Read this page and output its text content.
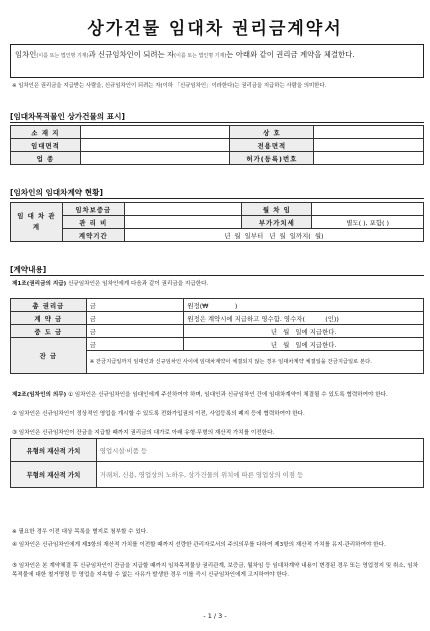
상가건물 임대차 권리금계약서
임차인(이름 또는 법인명 기재)과 신규임차인이 되려는 자(이름 또는 법인명 기재)는 아래와 같이 권리금 계약을 체결한다.
※ 임차인은 권리금을 지급받는 사람을, 신규임차인이 되려는 자(이하 「신규임차인」이라한다)는 권리금을 지급하는 사람을 의미한다.
[임대차목적물인 상가건물의 표시]
소 재 지		상 호	
임대면적		전용면적	
업 종		허가(등록)번호	
[임차인의 임대차계약 현황]
임 대 차 관 계	임차보증금		월 차 임	
	관 리 비		부가가치세	별도( ), 포함( )
	계약기간	년  월  일부터   년  월  일까지(  월)		
[계약내용]
제1조(권리금의 지급) 신규임차인은 임차인에게 다음과 같이 권리금을 지급한다.
총 권리금	금	원정(₩             )
계 약 금	금	원정은 계약시에 지급하고 영수함. 영수자(          (인))
중 도 금	금	년   월   일에 지급한다.
잔 금	금	년   월   일에 지급한다.
	※ 잔금지급일까지 임대인과 신규임차인 사이에 임대차계약이 체결되지 않는 경우 임대차계약 체결일을 잔금지급일로 본다.	
제2조(임차인의 의무) ① 임차인은 신규임차인을 임대인에게 주선하여야 하며, 임대인과 신규임차인 간에 임대차계약이 체결될 수 있도록 협력하여야 한다.
② 임차인은 신규임차인이 정상적인 영업을 개시할 수 있도록 전화가입권의 이전, 사업등록의 폐지 등에 협력하여야 한다.
③ 임차인은 신규임차인이 잔금을 지급할 때까지 권리금의 대가로 아래 유형·무형의 재산적 가치를 이전한다.
유형의 재산적 가치	영업시설·비품 등
무형의 재산적 가치	거래처, 신용, 영업상의 노하우, 상가건물의 위치에 따른 영업상의 이점 등
※ 필요한 경우 이전 대상 목록을 별지로 첨부할 수 있다.
④ 임차인은 신규임차인에게 제3항의 재산적 가치를 이전할 때까지 선량한 관리자로서의 주의의무를 다하여 제3항의 재산적 가치를 유지·관리하여야 한다.
⑤ 임차인은 본 계약체결 후 신규임차인이 잔금을 지급할 때까지 임차목적물상 권리관계, 보증금, 월차임 등 임대차계약 내용이 변경된 경우 또는 영업정지 및 취소, 임차목적물에 대한 철거명령 등 영업을 지속할 수 없는 사유가 발생한 경우 이를 즉시 신규임차인에게 고지하여야 한다.
- 1 / 3 -
